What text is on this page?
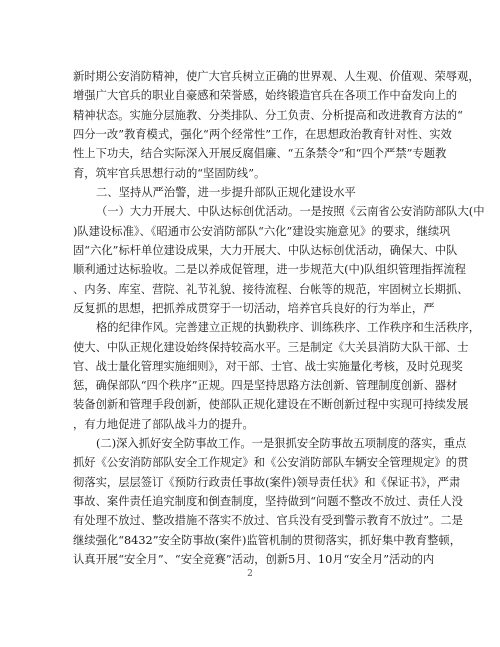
新时期公安消防精神，使广大官兵树立正确的世界观、人生观、价值观、荣辱观，
增强广大官兵的职业自豪感和荣誉感，始终锻造官兵在各项工作中奋发向上的
精神状态。实施分层施教、分类排队、分工负责、分析提高和改进教育方法的“
四分一改”教育模式，强化“两个经常性”工作，在思想政治教育针对性、实效
性上下功夫，结合实际深入开展反腐倡廉、“五条禁令”和“四个严禁”专题教
育，筑牢官兵思想行动的“坚固防线”。
二、坚持从严治警，进一步提升部队正规化建设水平
（一）大力开展大、中队达标创优活动。一是按照《云南省公安消防部队大(中
)队建设标准》、《昭通市公安消防部队“六化”建设实施意见》的要求，继续巩
固“六化”标杆单位建设成果，大力开展大、中队达标创优活动，确保大、中队
顺利通过达标验收。二是以养成促管理，进一步规范大(中)队组织管理指挥流程
、内务、库室、营院、礼节礼貌、接待流程、台帐等的规范，牢固树立长期抓、
反复抓的思想，把抓养成贯穿于一切活动，培养官兵良好的行为举止，严
格的纪律作风。完善建立正规的执勤秩序、训练秩序、工作秩序和生活秩序，
使大、中队正规化建设始终保持较高水平。三是制定《大关县消防大队干部、士
官、战士量化管理实施细则》，对干部、士官、战士实施量化考核，及时兑现奖
惩，确保部队“四个秩序”正规。四是坚持思路方法创新、管理制度创新、器材
装备创新和管理手段创新，使部队正规化建设在不断创新过程中实现可持续发展
，有力地促进了部队战斗力的提升。
(二)深入抓好安全防事故工作。一是狠抓安全防事故五项制度的落实，重点
抓好《公安消防部队安全工作规定》和《公安消防部队车辆安全管理规定》的贯
彻落实，层层签订《预防行政责任事故(案件)领导责任状》和《保证书》，严肃
事故、案件责任追究制度和倒查制度，坚持做到“问题不整改不放过、责任人没
有处理不放过、整改措施不落实不放过、官兵没有受到警示教育不放过”。二是
继续强化“8432”安全防事故(案件)监管机制的贯彻落实，抓好集中教育整顿，
认真开展“安全月”、“安全竞赛”活动，创新5月、10月“安全月”活动的内
2
